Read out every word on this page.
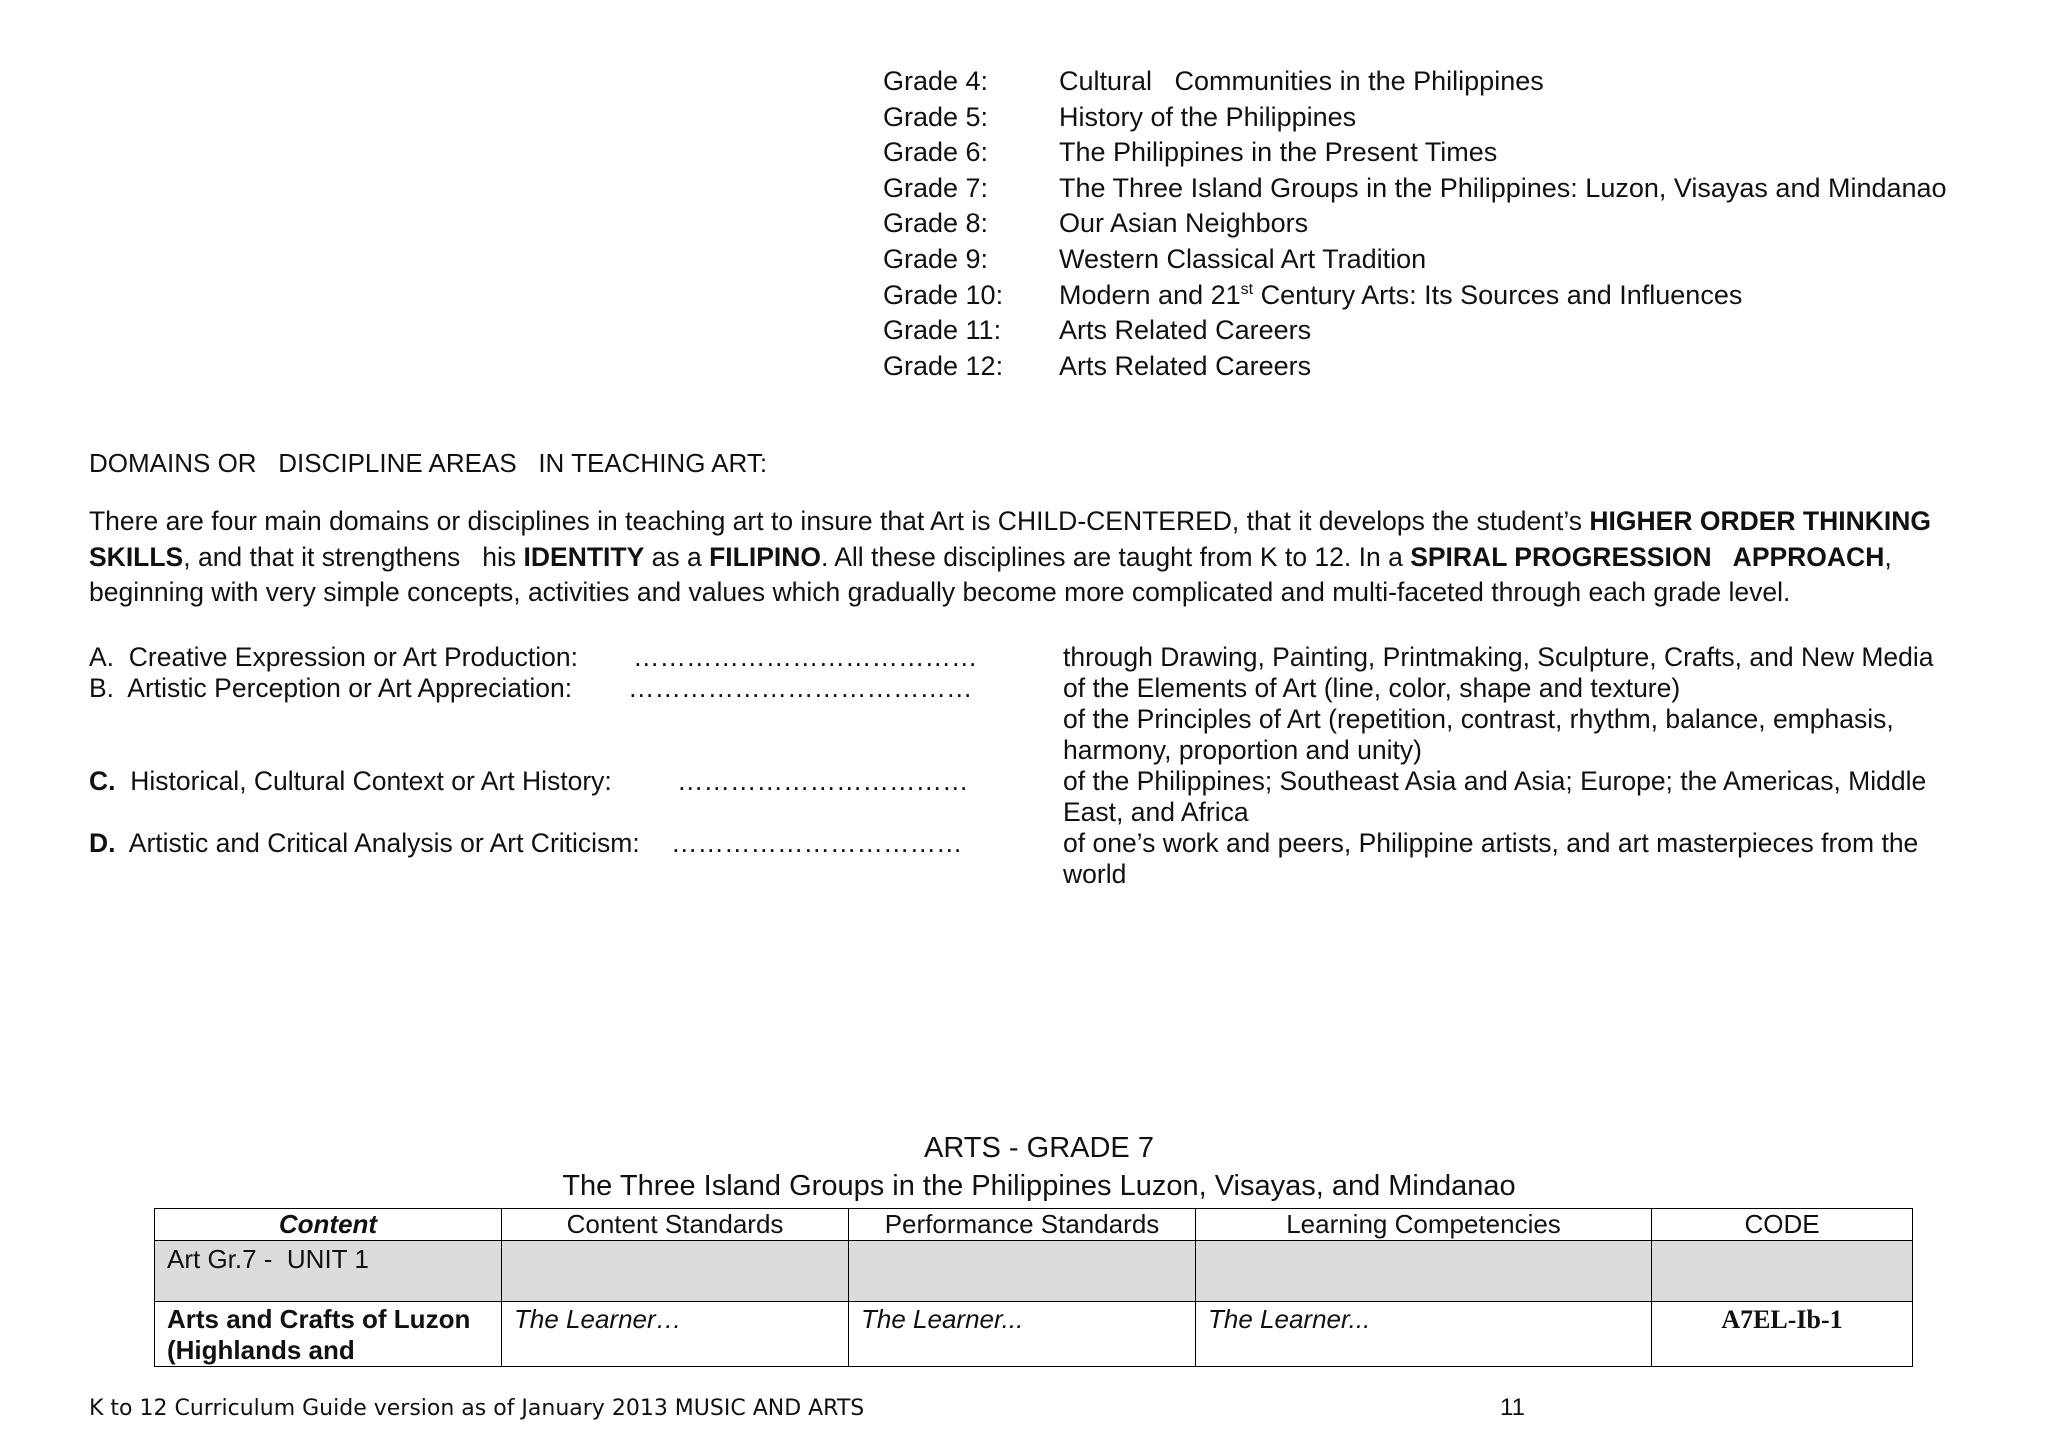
Grade 4:	Cultural   Communities in the Philippines
Grade 5:	History of the Philippines
Grade 6:	The Philippines in the Present Times
Grade 7:	The Three Island Groups in the Philippines: Luzon, Visayas and Mindanao
Grade 8:	Our Asian Neighbors
Grade 9:	Western Classical Art Tradition
Grade 10:	Modern and 21st Century Arts: Its Sources and Influences
Grade 11:	Arts Related Careers
Grade 12:	Arts Related Careers
DOMAINS OR   DISCIPLINE AREAS   IN TEACHING ART:
There are four main domains or disciplines in teaching art to insure that Art is CHILD-CENTERED, that it develops the student’s HIGHER ORDER THINKING SKILLS, and that it strengthens   his IDENTITY as a FILIPINO. All these disciplines are taught from K to 12. In a SPIRAL PROGRESSION   APPROACH, beginning with very simple concepts, activities and values which gradually become more complicated and multi-faceted through each grade level.
A.  Creative Expression or Art Production: …………………………………	through Drawing, Painting, Printmaking, Sculpture, Crafts, and New Media
B.  Artistic Perception or Art Appreciation: …………………………………	of the Elements of Art (line, color, shape and texture)
of the Principles of Art (repetition, contrast, rhythm, balance, emphasis, harmony, proportion and unity)
C.  Historical, Cultural Context or Art History: ……………………………	of the Philippines; Southeast Asia and Asia; Europe; the Americas, Middle East, and Africa
D.  Artistic and Critical Analysis or Art Criticism: ……………………………	of one’s work and peers, Philippine artists, and art masterpieces from the world
ARTS - GRADE 7
The Three Island Groups in the Philippines Luzon, Visayas, and Mindanao
Content	Content Standards	Performance Standards	Learning Competencies	CODE
Art Gr.7 -  UNIT 1				
Arts and Crafts of Luzon (Highlands and	The Learner…	The Learner...	The Learner...	A7EL-Ib-1
K to 12 Curriculum Guide version as of January 2013 MUSIC AND ARTS	11
